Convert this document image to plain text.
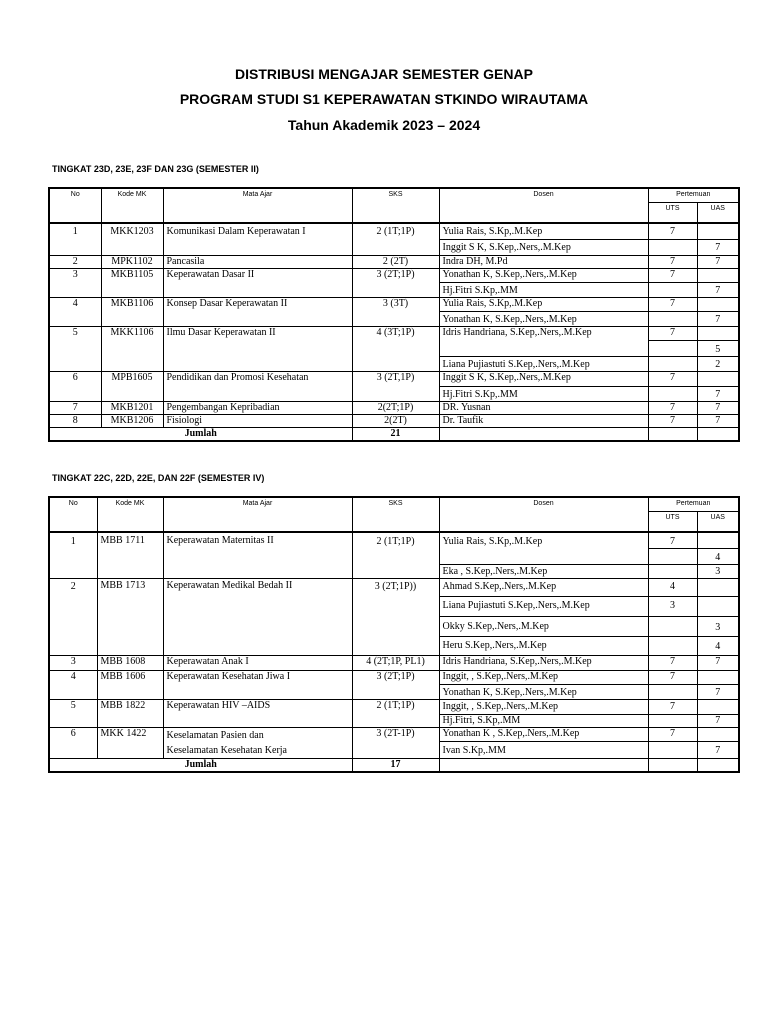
DISTRIBUSI MENGAJAR SEMESTER GENAP
PROGRAM STUDI S1 KEPERAWATAN STKINDO WIRAUTAMA
Tahun Akademik 2023 – 2024
TINGKAT 23D, 23E, 23F DAN 23G (SEMESTER II)
No	Kode MK	Mata Ajar	SKS	Dosen	Pertemuan	
					UTS	UAS
1	MKK1203	Komunikasi Dalam Keperawatan I	2 (1T;1P)	Yulia Rais, S.Kp,.M.Kep	7	
				Inggit S K, S.Kep,.Ners,.M.Kep		7
2	MPK1102	Pancasila	2 (2T)	Indra DH, M.Pd	7	7
3	MKB1105	Keperawatan Dasar II	3 (2T;1P)	Yonathan K, S.Kep,.Ners,.M.Kep	7	
				Hj.Fitri S.Kp,.MM		7
4	MKB1106	Konsep Dasar Keperawatan II	3 (3T)	Yulia Rais, S.Kp,.M.Kep	7	
				Yonathan K, S.Kep,.Ners,.M.Kep		7
5	MKK1106	Ilmu Dasar Keperawatan II	4 (3T;1P)	Idris Handriana, S.Kep,.Ners,.M.Kep	7	
						5
				Liana Pujiastuti S.Kep,.Ners,.M.Kep		2
6	MPB1605	Pendidikan dan Promosi Kesehatan	3 (2T,1P)	Inggit S K, S.Kep,.Ners,.M.Kep	7	
				Hj.Fitri S.Kp,.MM		7
7	MKB1201	Pengembangan Kepribadian	2(2T;1P)	DR. Yusnan	7	7
8	MKB1206	Fisiologi	2(2T)	Dr. Taufik	7	7
Jumlah			21			
TINGKAT 22C, 22D, 22E, DAN 22F (SEMESTER IV)
No	Kode MK	Mata Ajar	SKS	Dosen	Pertemuan	
					UTS	UAS
1	MBB 1711	Keperawatan Maternitas II	2 (1T;1P)	Yulia Rais, S.Kp,.M.Kep	7	
						4
				Eka , S.Kep,.Ners,.M.Kep		3
2	MBB 1713	Keperawatan Medikal Bedah II	3 (2T;1P))	Ahmad S.Kep,.Ners,.M.Kep	4	
				Liana Pujiastuti S.Kep,.Ners,.M.Kep	3	
				Okky S.Kep,.Ners,.M.Kep		3
				Heru S.Kep,.Ners,.M.Kep		4
3	MBB 1608	Keperawatan Anak I	4 (2T;1P, PL1)	Idris Handriana, S.Kep,.Ners,.M.Kep	7	7
4	MBB 1606	Keperawatan Kesehatan Jiwa I	3 (2T;1P)	Inggit, , S.Kep,.Ners,.M.Kep	7	
				Yonathan K, S.Kep,.Ners,.M.Kep		7
5	MBB 1822	Keperawatan HIV –AIDS	2 (1T;1P)	Inggit, , S.Kep,.Ners,.M.Kep	7	
				Hj.Fitri, S.Kp,.MM		7
6	MKK 1422	Keselamatan Pasien dan
Keselamatan Kesehatan Kerja	3 (2T-1P)	Yonathan K , S.Kep,.Ners,.M.Kep	7	
				Ivan S.Kp,.MM		7
Jumlah			17			
